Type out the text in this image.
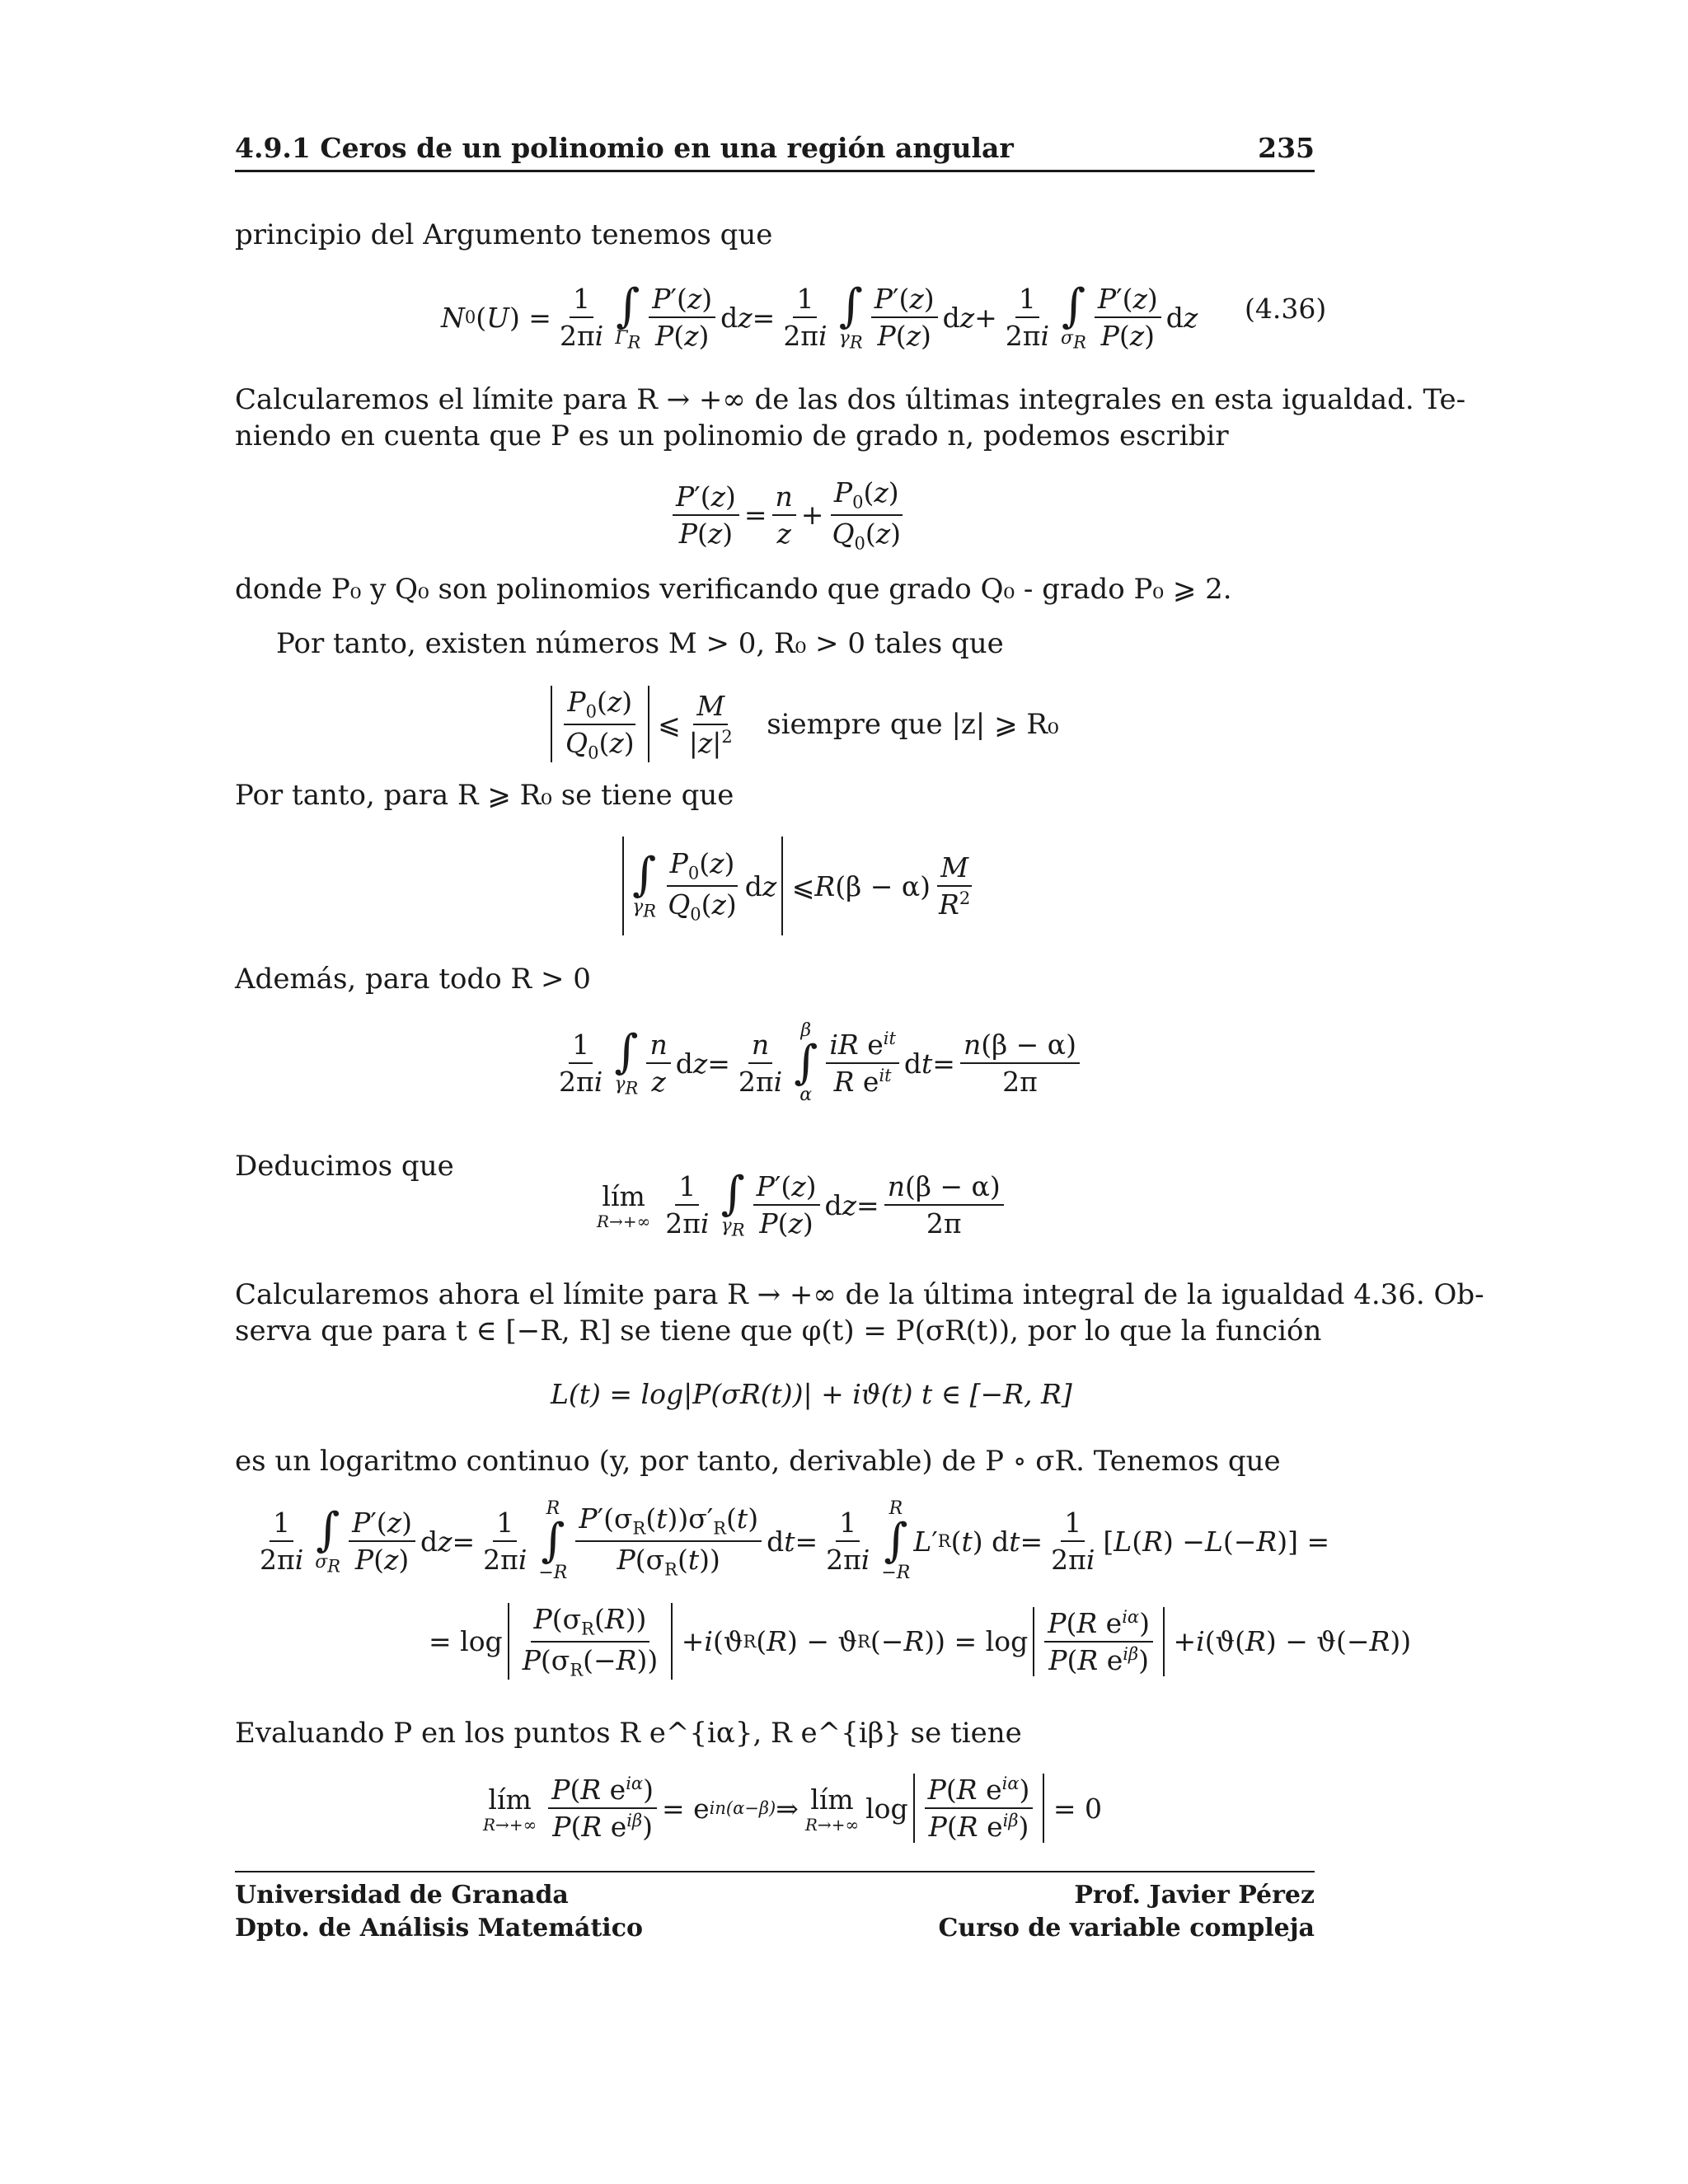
4.9.1 Ceros de un polinomio en una región angular	235
principio del Argumento tenemos que
N 0 ( U ) = $\frac{1}{2\pi i}$ ∫
$\Gamma_R \frac{P'(z)}{P(z)}$ d $z = \frac{1}{2\pi i}$ ∫
$\gamma_R \frac{P'(z)}{P(z)}$ d $z + \frac{1}{2\pi i}$ ∫
$\sigma_R \frac{P'(z)}{P(z)}$ d z (4.36)
Calcularemos el límite para R → +∞ de las dos últimas integrales en esta igualdad. Te-
niendo en cuenta que P es un polinomio de grado n, podemos escribir
$\frac{P'(z)}{P(z)} = \frac{n}{z} + \frac{P_0(z)}{Q_0(z)}$
donde P₀ y Q₀ son polinomios verificando que grado Q₀ - grado P₀ ⩾ 2.
Por tanto, existen números M > 0, R₀ > 0 tales que
$\frac{P_0(z)}{Q_0(z)}$ ⩽ $\frac{M}{|z|^2}$
siempre que |z| ⩾ R₀
Por tanto, para R ⩾ R₀ se tiene que
∫
$\gamma_R \frac{P_0(z)}{Q_0(z)}$ d z ⩽ R $(\beta - \alpha) \frac{M}{R^2}$
Además, para todo R > 0
$\frac{1}{2\pi i}$ ∫
$\gamma_R \frac{n}{z}$ d $z = \frac{n}{2\pi i}$ β
∫
α $\frac{iR e^{it}}{R e^{it}}$ d $t = \frac{n(\beta - \alpha)}{2\pi}$
Deducimos que
lím
$R\to+\infty \frac{1}{2\pi i}$ ∫
$\gamma_R \frac{P'(z)}{P(z)}$ d $z = \frac{n(\beta - \alpha)}{2\pi}$
Calcularemos ahora el límite para R → +∞ de la última integral de la igualdad 4.36. Ob-
serva que para t ∈ [−R, R] se tiene que φ(t) = P(σR(t)), por lo que la función
L(t) = log|P(σR(t))| + iϑ(t) t ∈ [−R, R]
es un logaritmo continuo (y, por tanto, derivable) de P ∘ σR. Tenemos que
$\frac{1}{2\pi i}$ ∫
$\sigma_R \frac{P'(z)}{P(z)}$ d $z = \frac{1}{2\pi i}$ R
∫
$-R \frac{P'(\sigma_R(t))\sigma'_R(t)}{P(\sigma_R(t))}$ d $t = \frac{1}{2\pi i}$ R
∫
−R
L ′ R ( t ) d $t = \frac{1}{2\pi i}$ [ L ( R ) − L (− R )] =
= $\log \frac{P(\sigma_R(R))}{P(\sigma_R(-R))} + i$ (ϑ R ( R ) − ϑ R (− R )) = $\log \frac{P(R e^{i\alpha})}{P(R e^{i\beta})} + i$ (ϑ( R ) − ϑ(− R ))
Evaluando P en los puntos R e^{iα}, R e^{iβ} se tiene
lím
$R\to+\infty \frac{P(R e^{i\alpha})}{P(R e^{i\beta})} = e$ in(α−β) ⇒ lím
R→+∞ $\log \frac{P(R e^{i\alpha})}{P(R e^{i\beta})} = 0$
Universidad de Granada
Dpto. de Análisis Matemático
Prof. Javier Pérez
Curso de variable compleja
